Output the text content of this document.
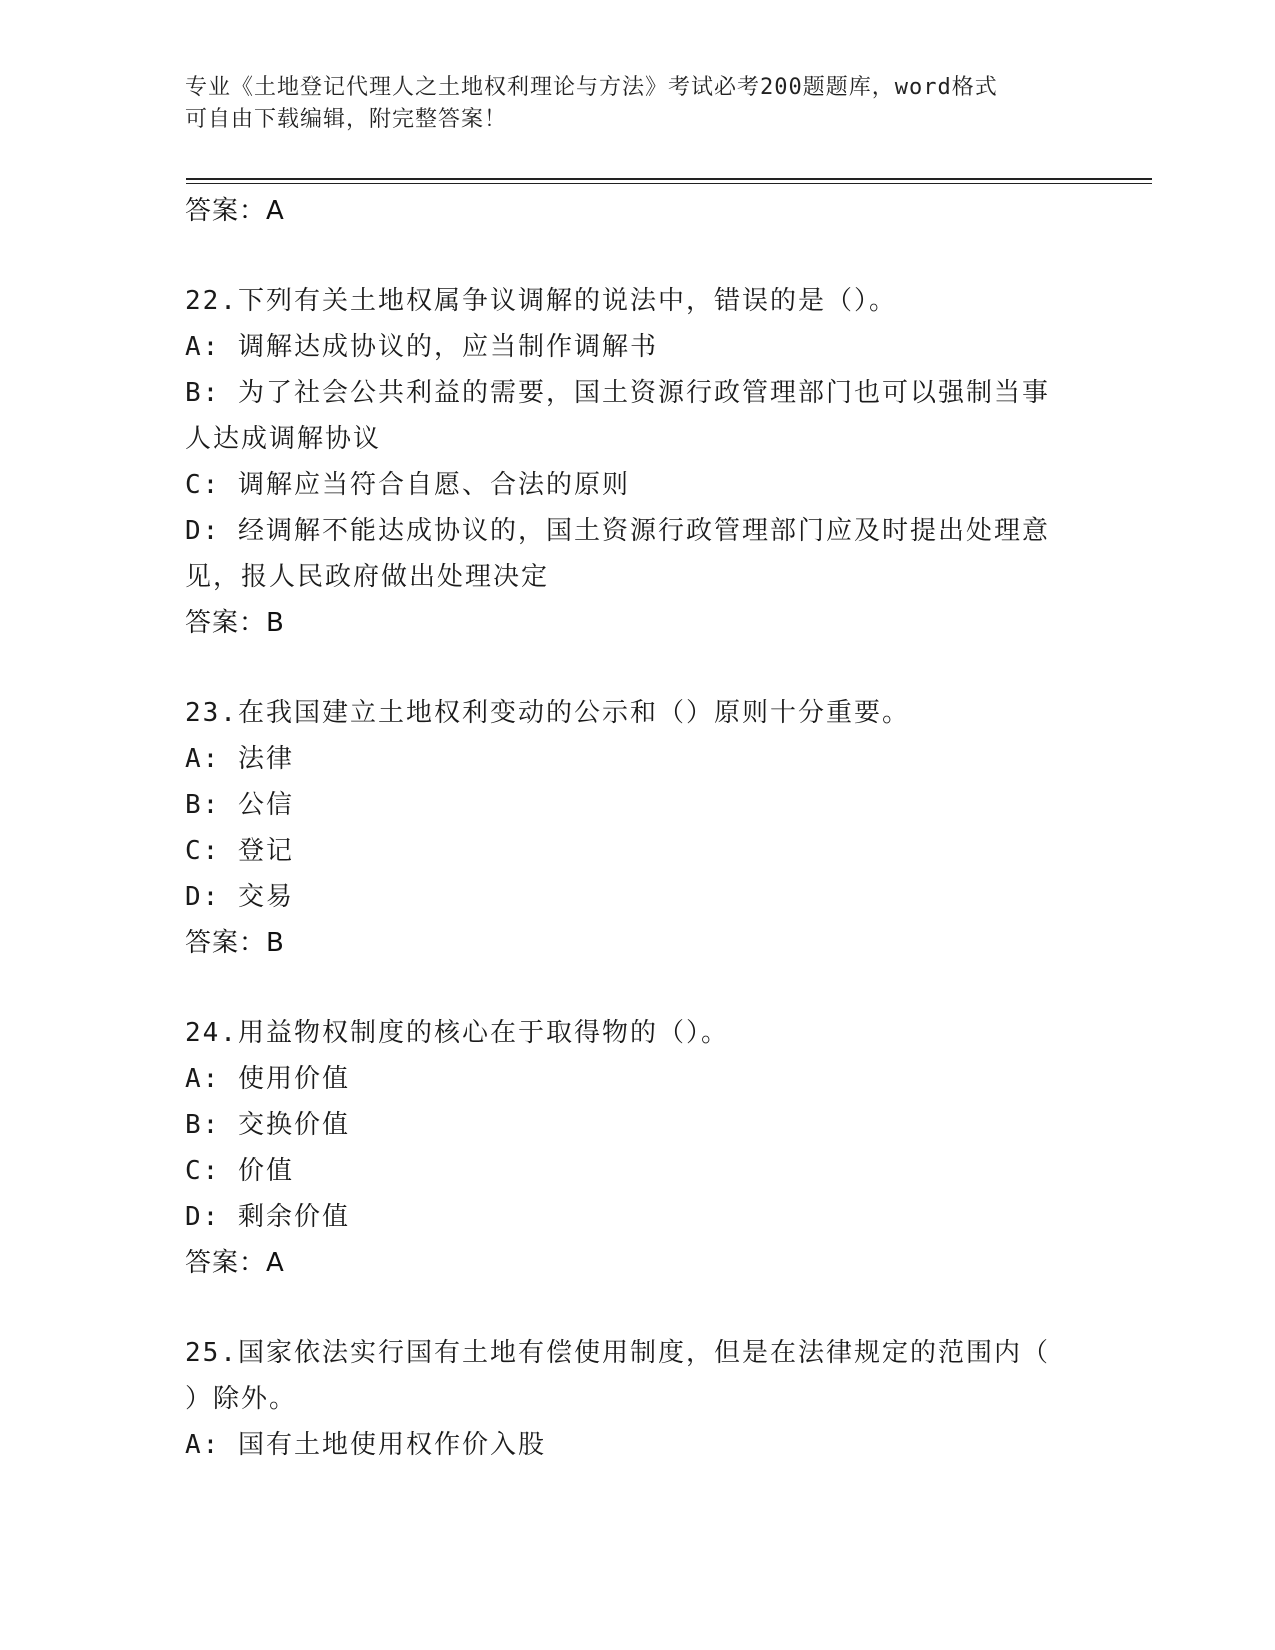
专业《土地登记代理人之土地权利理论与方法》考试必考200题题库，word格式
可自由下载编辑，附完整答案！
答案：A
22.下列有关土地权属争议调解的说法中，错误的是（）。
A: 调解达成协议的，应当制作调解书
B: 为了社会公共利益的需要，国土资源行政管理部门也可以强制当事
人达成调解协议
C: 调解应当符合自愿、合法的原则
D: 经调解不能达成协议的，国土资源行政管理部门应及时提出处理意
见，报人民政府做出处理决定
答案：B
23.在我国建立土地权利变动的公示和（）原则十分重要。
A: 法律
B: 公信
C: 登记
D: 交易
答案：B
24.用益物权制度的核心在于取得物的（）。
A: 使用价值
B: 交换价值
C: 价值
D: 剩余价值
答案：A
25.国家依法实行国有土地有偿使用制度，但是在法律规定的范围内（
）除外。
A: 国有土地使用权作价入股
